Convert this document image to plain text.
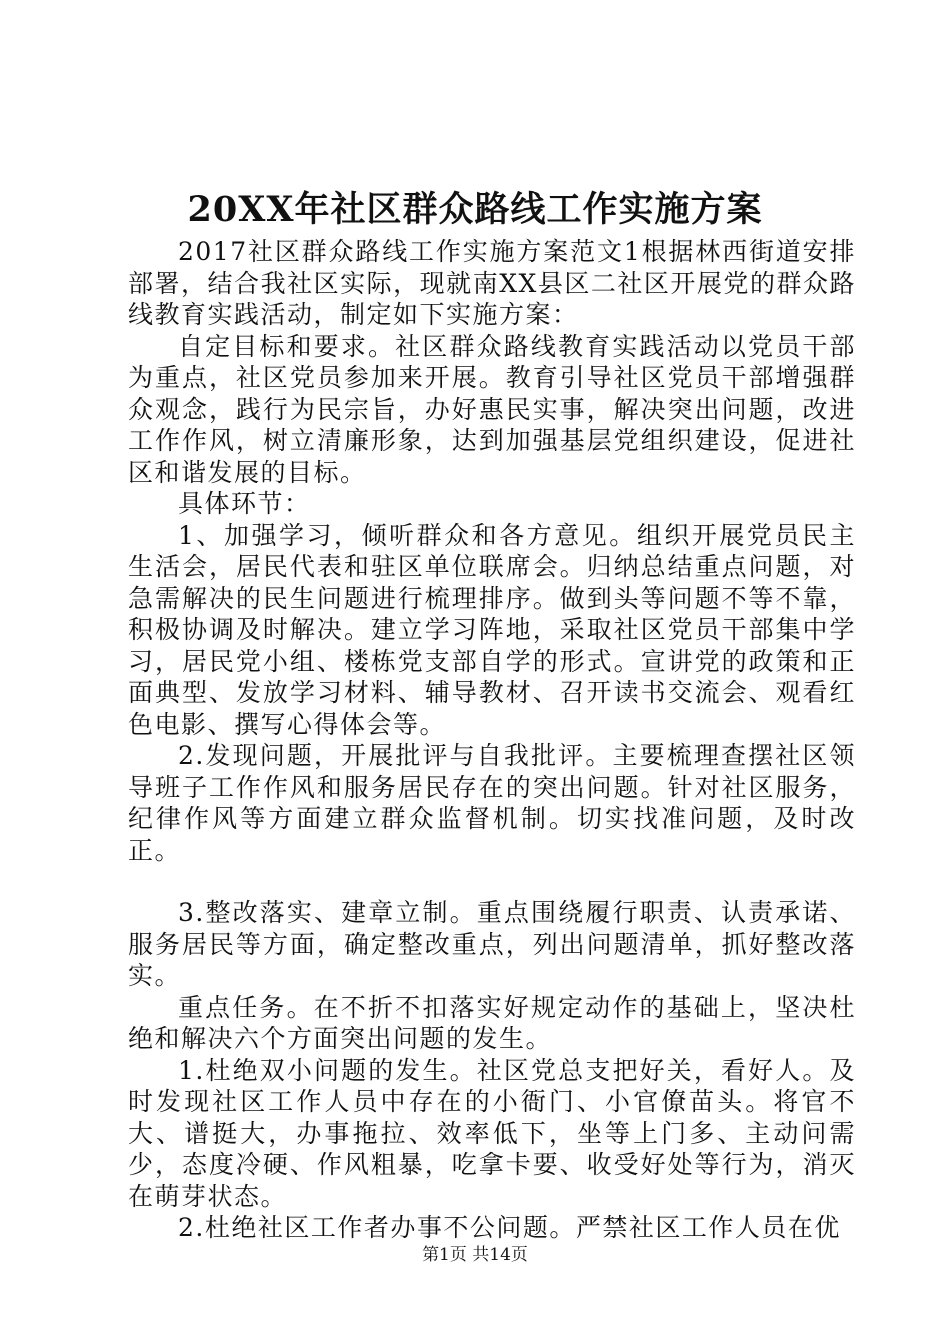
20XX年社区群众路线工作实施方案

2017社区群众路线工作实施方案范文1根据林西街道安排部署，结合我社区实际，现就南XX县区二社区开展党的群众路线教育实践活动，制定如下实施方案：

自定目标和要求。社区群众路线教育实践活动以党员干部为重点，社区党员参加来开展。教育引导社区党员干部增强群众观念，践行为民宗旨，办好惠民实事，解决突出问题，改进工作作风，树立清廉形象，达到加强基层党组织建设，促进社区和谐发展的目标。

具体环节：

1、加强学习，倾听群众和各方意见。组织开展党员民主生活会，居民代表和驻区单位联席会。归纳总结重点问题，对急需解决的民生问题进行梳理排序。做到头等问题不等不靠，积极协调及时解决。建立学习阵地，采取社区党员干部集中学习，居民党小组、楼栋党支部自学的形式。宣讲党的政策和正面典型、发放学习材料、辅导教材、召开读书交流会、观看红色电影、撰写心得体会等。

2.发现问题，开展批评与自我批评。主要梳理查摆社区领导班子工作作风和服务居民存在的突出问题。针对社区服务，纪律作风等方面建立群众监督机制。切实找准问题，及时改正。

3.整改落实、建章立制。重点围绕履行职责、认责承诺、服务居民等方面，确定整改重点，列出问题清单，抓好整改落实。

重点任务。在不折不扣落实好规定动作的基础上，坚决杜绝和解决六个方面突出问题的发生。

1.杜绝双小问题的发生。社区党总支把好关，看好人。及时发现社区工作人员中存在的小衙门、小官僚苗头。将官不大、谱挺大，办事拖拉、效率低下，坐等上门多、主动问需少，态度冷硬、作风粗暴，吃拿卡要、收受好处等行为，消灭在萌芽状态。

2.杜绝社区工作者办事不公问题。严禁社区工作人员在优

第1页 共14页
